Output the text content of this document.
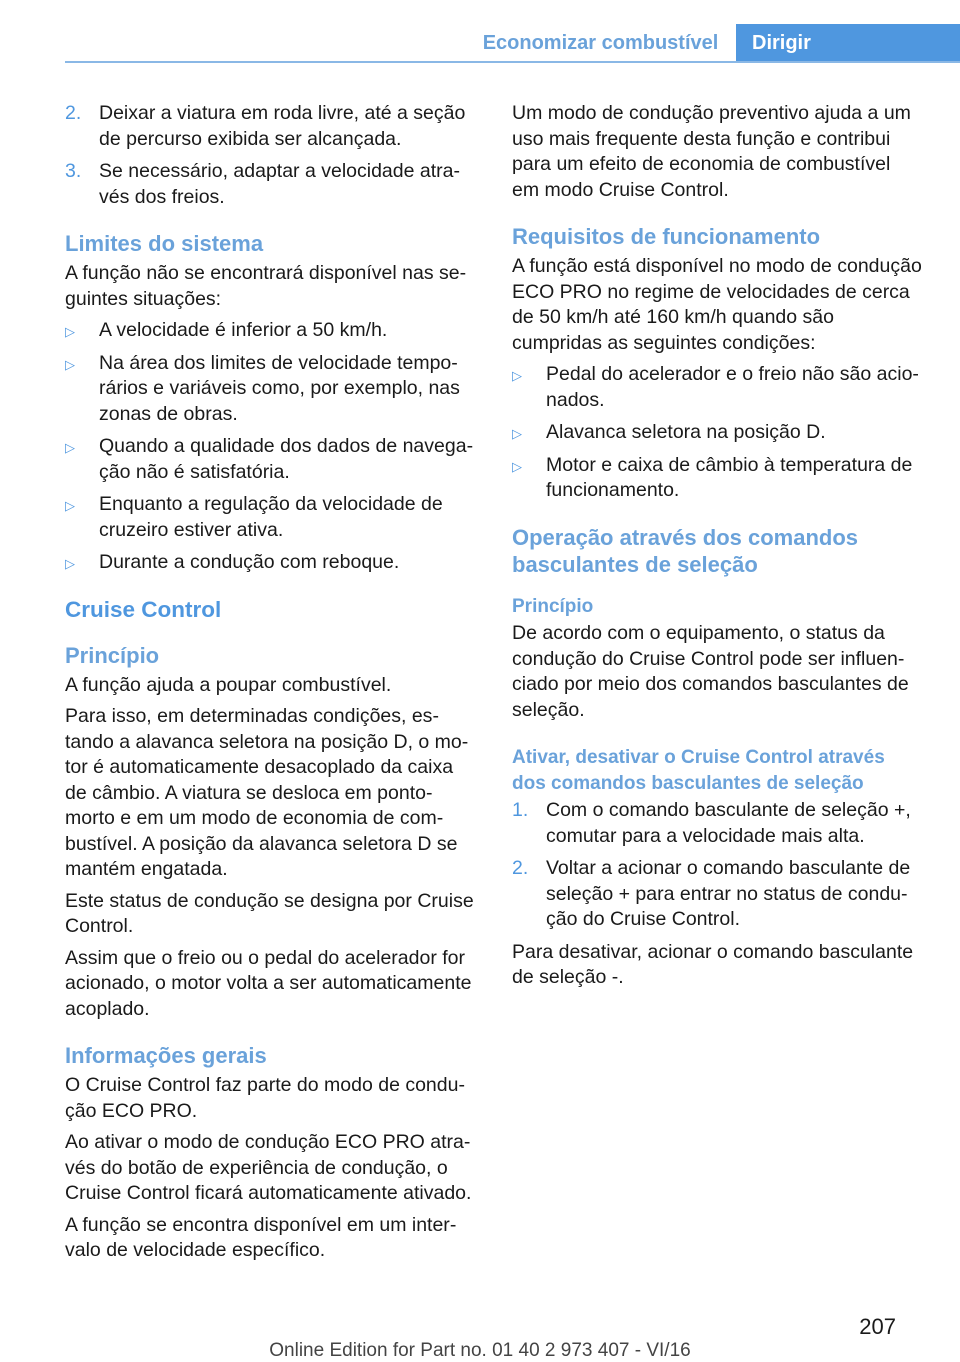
Economizar combustível	Dirigir
2. Deixar a viatura em roda livre, até a seção de percurso exibida ser alcançada.
3. Se necessário, adaptar a velocidade através dos freios.
Limites do sistema

A função não se encontrará disponível nas seguintes situações:

▷ A velocidade é inferior a 50 km/h.
▷ Na área dos limites de velocidade temporários e variáveis como, por exemplo, nas zonas de obras.
▷ Quando a qualidade dos dados de navegação não é satisfatória.
▷ Enquanto a regulação da velocidade de cruzeiro estiver ativa.
▷ Durante a condução com reboque.
Cruise Control
Princípio

A função ajuda a poupar combustível.

Para isso, em determinadas condições, estando a alavanca seletora na posição D, o motor é automaticamente desacoplado da caixa de câmbio. A viatura se desloca em ponto-morto e em um modo de economia de combustível. A posição da alavanca seletora D se mantém engatada.

Este status de condução se designa por Cruise Control.

Assim que o freio ou o pedal do acelerador for acionado, o motor volta a ser automaticamente acoplado.

Informações gerais

O Cruise Control faz parte do modo de condução ECO PRO.

Ao ativar o modo de condução ECO PRO através do botão de experiência de condução, o Cruise Control ficará automaticamente ativado.

A função se encontra disponível em um intervalo de velocidade específico.

Um modo de condução preventivo ajuda a um uso mais frequente desta função e contribui para um efeito de economia de combustível em modo Cruise Control.

Requisitos de funcionamento

A função está disponível no modo de condução ECO PRO no regime de velocidades de cerca de 50 km/h até 160 km/h quando são cumpridas as seguintes condições:

▷ Pedal do acelerador e o freio não são acionados.
▷ Alavanca seletora na posição D.
▷ Motor e caixa de câmbio à temperatura de funcionamento.
Operação através dos comandos basculantes de seleção
Princípio

De acordo com o equipamento, o status da condução do Cruise Control pode ser influenciado por meio dos comandos basculantes de seleção.

Ativar, desativar o Cruise Control através dos comandos basculantes de seleção
1. Com o comando basculante de seleção +, comutar para a velocidade mais alta.
2. Voltar a acionar o comando basculante de seleção + para entrar no status de condução do Cruise Control.

Para desativar, acionar o comando basculante de seleção -.

207
Online Edition for Part no. 01 40 2 973 407 - VI/16
